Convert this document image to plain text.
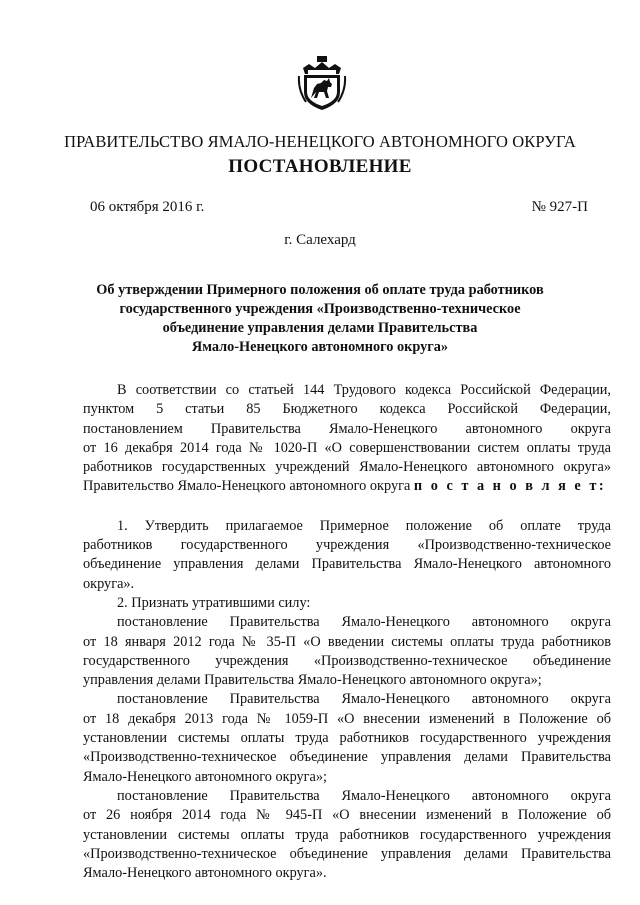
ПРАВИТЕЛЬСТВО ЯМАЛО-НЕНЕЦКОГО АВТОНОМНОГО ОКРУГА
ПОСТАНОВЛЕНИЕ
06 октября 2016 г.	№ 927-П
г. Салехард
Об утверждении Примерного положения об оплате труда работников
государственного учреждения «Производственно-техническое
объединение управления делами Правительства
Ямало-Ненецкого автономного округа»
В соответствии со статьей 144 Трудового кодекса Российской Федерации,
пунктом 5 статьи 85 Бюджетного кодекса Российской Федерации,
постановлением Правительства Ямало-Ненецкого автономного округа
от 16 декабря 2014 года № 1020-П «О совершенствовании систем оплаты труда
работников государственных учреждений Ямало-Ненецкого автономного округа»
Правительство Ямало-Ненецкого автономного округа п о с т а н о в л я е т:
1. Утвердить прилагаемое Примерное положение об оплате труда
работников государственного учреждения «Производственно-техническое
объединение управления делами Правительства Ямало-Ненецкого автономного
округа».
2. Признать утратившими силу:
постановление Правительства Ямало-Ненецкого автономного округа
от 18 января 2012 года № 35-П «О введении системы оплаты труда работников
государственного учреждения «Производственно-техническое объединение
управления делами Правительства Ямало-Ненецкого автономного округа»;
постановление Правительства Ямало-Ненецкого автономного округа
от 18 декабря 2013 года № 1059-П «О внесении изменений в Положение об
установлении системы оплаты труда работников государственного учреждения
«Производственно-техническое объединение управления делами Правительства
Ямало-Ненецкого автономного округа»;
постановление Правительства Ямало-Ненецкого автономного округа
от 26 ноября 2014 года № 945-П «О внесении изменений в Положение об
установлении системы оплаты труда работников государственного учреждения
«Производственно-техническое объединение управления делами Правительства
Ямало-Ненецкого автономного округа».
